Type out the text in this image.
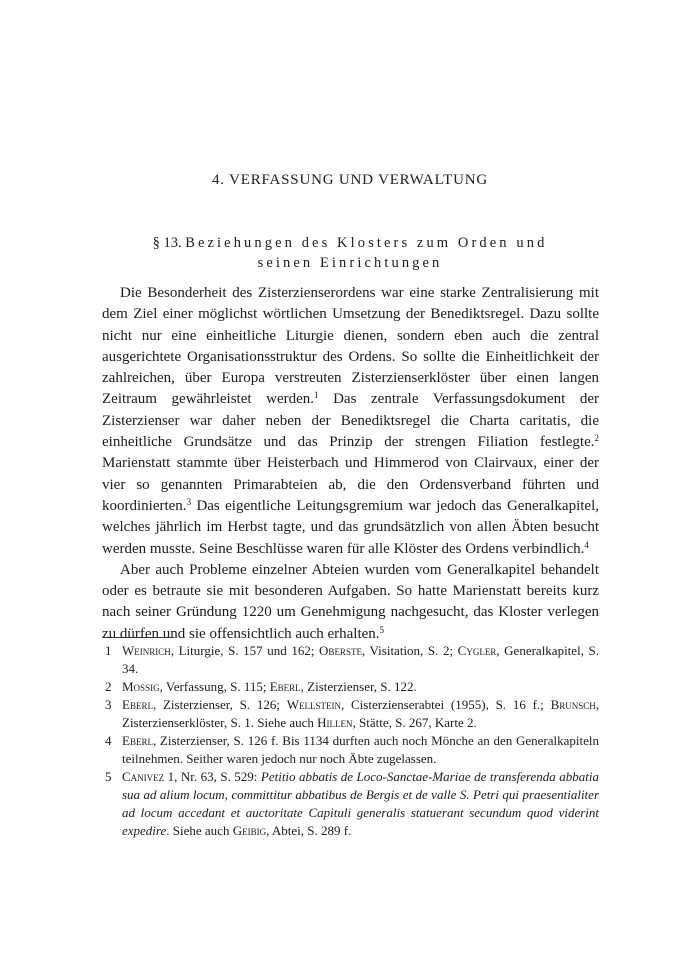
4. VERFASSUNG UND VERWALTUNG
§ 13. Beziehungen des Klosters zum Orden und
seinen Einrichtungen

Die Besonderheit des Zisterzienserordens war eine starke Zentralisierung mit dem Ziel einer möglichst wörtlichen Umsetzung der Benediktsregel. Dazu sollte nicht nur eine einheitliche Liturgie dienen, sondern eben auch die zentral ausgerichtete Organisationsstruktur des Ordens. So sollte die Einheitlichkeit der zahlreichen, über Europa verstreuten Zisterzienserklöster über einen langen Zeitraum gewährleistet werden.$^1$ Das zentrale Verfassungsdokument der Zisterzienser war daher neben der Benediktsregel die Charta caritatis, die einheitliche Grundsätze und das Prinzip der strengen Filiation festlegte.$^2$ Marienstatt stammte über Heisterbach und Himmerod von Clairvaux, einer der vier so genannten Primarabteien ab, die den Ordensverband führten und koordinierten.$^3$ Das eigentliche Leitungsgremium war jedoch das Generalkapitel, welches jährlich im Herbst tagte, und das grundsätzlich von allen Äbten besucht werden musste. Seine Beschlüsse waren für alle Klöster des Ordens verbindlich.$^4$

Aber auch Probleme einzelner Abteien wurden vom Generalkapitel behandelt oder es betraute sie mit besonderen Aufgaben. So hatte Marienstatt bereits kurz nach seiner Gründung 1220 um Genehmigung nachgesucht, das Kloster verlegen zu dürfen und sie offensichtlich auch erhalten.$^5$

1 Weinrich, Liturgie, S. 157 und 162; Oberste, Visitation, S. 2; Cygler, Generalkapitel, S. 34.
2 Mossig, Verfassung, S. 115; Eberl, Zisterzienser, S. 122.
3 Eberl, Zisterzienser, S. 126; Wellstein, Cisterzienserabtei (1955), S. 16 f.; Brunsch, Zisterzienserklöster, S. 1. Siehe auch Hillen, Stätte, S. 267, Karte 2.
4 Eberl, Zisterzienser, S. 126 f. Bis 1134 durften auch noch Mönche an den Generalkapiteln teilnehmen. Seither waren jedoch nur noch Äbte zugelassen.
5 Canivez 1, Nr. 63, S. 529: Petitio abbatis de Loco-Sanctae-Mariae de transferenda abbatia sua ad alium locum, committitur abbatibus de Bergis et de valle S. Petri qui praesentialiter ad locum accedant et auctoritate Capituli generalis statuerant secundum quod viderint expedire. Siehe auch Geibig, Abtei, S. 289 f.
